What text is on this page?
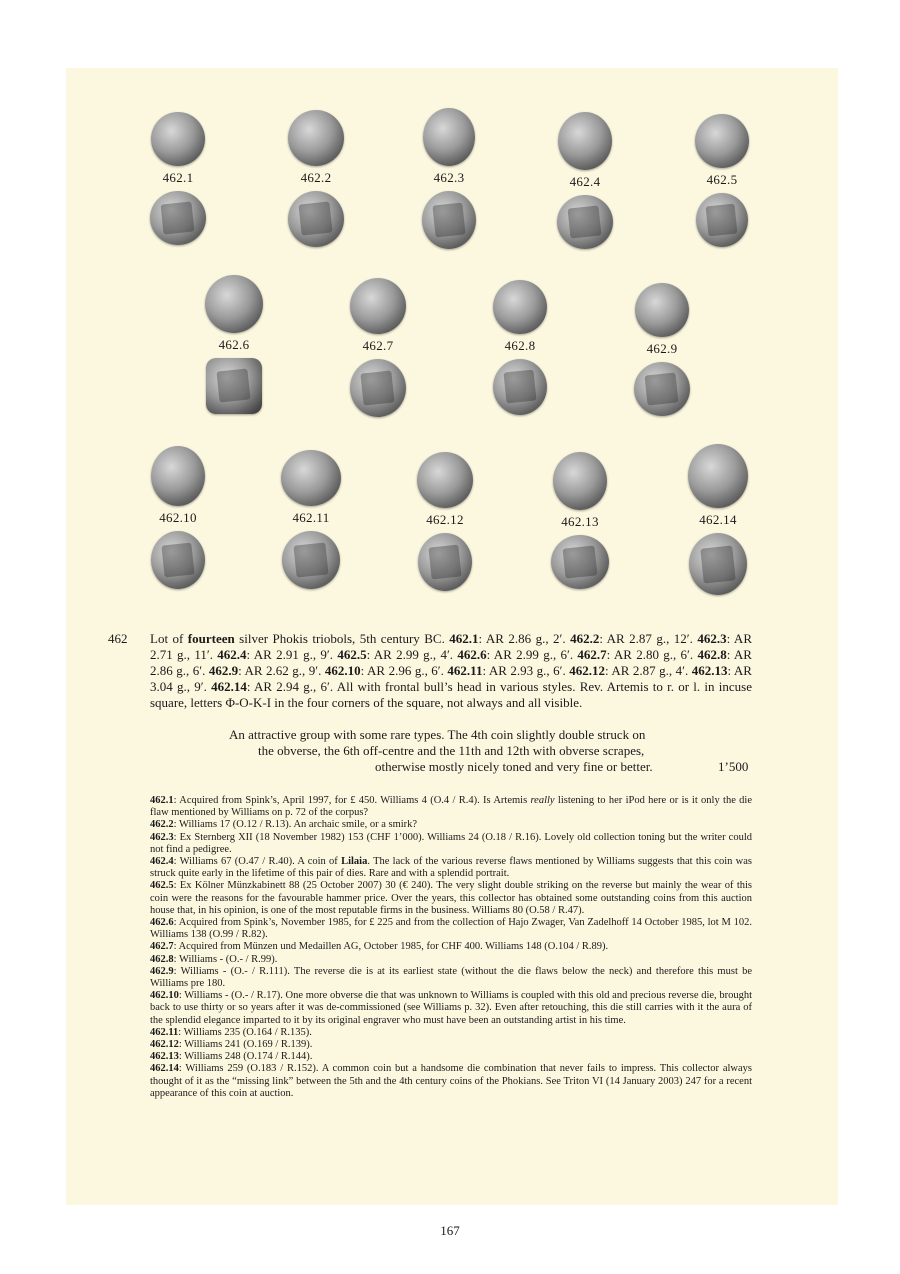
462.1	462.2	462.3	462.4	462.5
462.6	462.7	462.8	462.9
462.10	462.11	462.12	462.13	462.14
462 Lot of fourteen silver Phokis triobols, 5th century BC. 462.1: AR 2.86 g., 2′. 462.2: AR 2.87 g., 12′. 462.3: AR 2.71 g., 11′. 462.4: AR 2.91 g., 9′. 462.5: AR 2.99 g., 4′. 462.6: AR 2.99 g., 6′. 462.7: AR 2.80 g., 6′. 462.8: AR 2.86 g., 6′. 462.9: AR 2.62 g., 9′. 462.10: AR 2.96 g., 6′. 462.11: AR 2.93 g., 6′. 462.12: AR 2.87 g., 4′. 462.13: AR 3.04 g., 9′. 462.14: AR 2.94 g., 6′. All with frontal bull’s head in various styles. Rev. Artemis to r. or l. in incuse square, letters Φ-O-K-I in the four corners of the square, not always and all visible.
An attractive group with some rare types. The 4th coin slightly double struck on
the obverse, the 6th off-centre and the 11th and 12th with obverse scrapes,
otherwise mostly nicely toned and very fine or better.	1’500

462.1: Acquired from Spink’s, April 1997, for £ 450. Williams 4 (O.4 / R.4). Is Artemis really listening to her iPod here or is it only the die flaw mentioned by Williams on p. 72 of the corpus?

462.2: Williams 17 (O.12 / R.13). An archaic smile, or a smirk?

462.3: Ex Sternberg XII (18 November 1982) 153 (CHF 1’000). Williams 24 (O.18 / R.16). Lovely old collection toning but the writer could not find a pedigree.

462.4: Williams 67 (O.47 / R.40). A coin of Lilaia. The lack of the various reverse flaws mentioned by Williams suggests that this coin was struck quite early in the lifetime of this pair of dies. Rare and with a splendid portrait.

462.5: Ex Kölner Münzkabinett 88 (25 October 2007) 30 (€ 240). The very slight double striking on the reverse but mainly the wear of this coin were the reasons for the favourable hammer price. Over the years, this collector has obtained some outstanding coins from this auction house that, in his opinion, is one of the most reputable firms in the business. Williams 80 (O.58 / R.47).

462.6: Acquired from Spink’s, November 1985, for £ 225 and from the collection of Hajo Zwager, Van Zadelhoff 14 October 1985, lot M 102. Williams 138 (O.99 / R.82).

462.7: Acquired from Münzen und Medaillen AG, October 1985, for CHF 400. Williams 148 (O.104 / R.89).

462.8: Williams - (O.- / R.99).

462.9: Williams - (O.- / R.111). The reverse die is at its earliest state (without the die flaws below the neck) and therefore this must be Williams pre 180.

462.10: Williams - (O.- / R.17). One more obverse die that was unknown to Williams is coupled with this old and precious reverse die, brought back to use thirty or so years after it was de-commissioned (see Williams p. 32). Even after retouching, this die still carries with it the aura of the splendid elegance imparted to it by its original engraver who must have been an outstanding artist in his time.

462.11: Williams 235 (O.164 / R.135).

462.12: Williams 241 (O.169 / R.139).

462.13: Williams 248 (O.174 / R.144).

462.14: Williams 259 (O.183 / R.152). A common coin but a handsome die combination that never fails to impress. This collector always thought of it as the “missing link” between the 5th and the 4th century coins of the Phokians. See Triton VI (14 January 2003) 247 for a recent appearance of this coin at auction.

167
